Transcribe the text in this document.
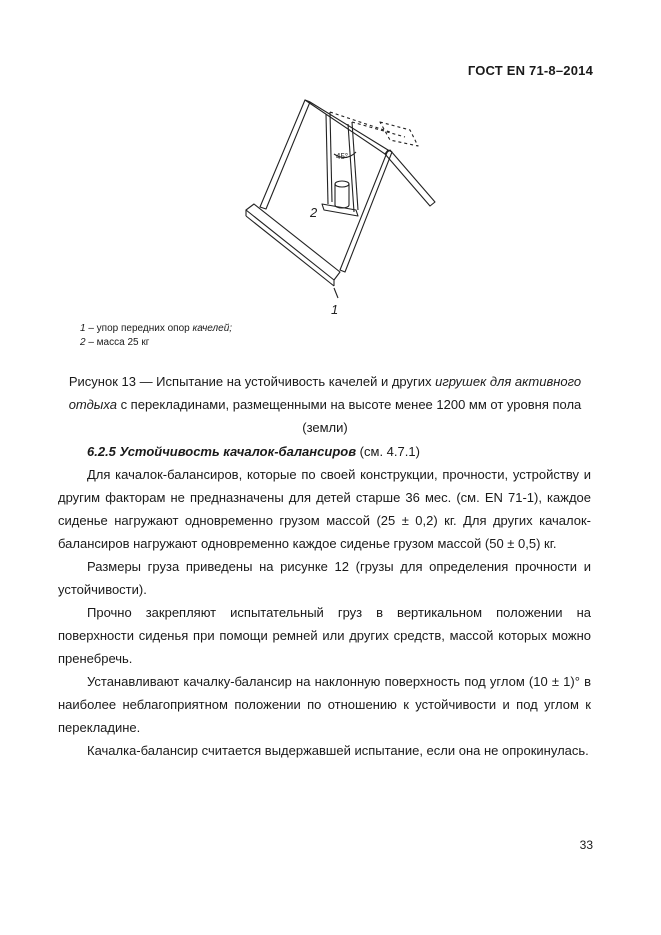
ГОСТ EN 71-8–2014
45°
2
1
1 – упор передних опор качелей;
2 – масса 25 кг
Рисунок 13 — Испытание на устойчивость качелей и других игрушек для активного отдыха с перекладинами, размещенными на высоте менее 1200 мм от уровня пола (земли)
6.2.5 Устойчивость качалок-балансиров (см. 4.7.1)

Для качалок-балансиров, которые по своей конструкции, прочности, устройству и другим факторам не предназначены для детей старше 36 мес. (см. EN 71-1), каждое сиденье нагружают одновременно грузом массой (25 ± 0,2) кг. Для других качалок-балансиров нагружают одновременно каждое сиденье грузом массой (50 ± 0,5) кг.

Размеры груза приведены на рисунке 12 (грузы для определения прочности и устойчивости).

Прочно закрепляют испытательный груз в вертикальном положении на поверхности сиденья при помощи ремней или других средств, массой которых можно пренебречь.

Устанавливают качалку-балансир на наклонную поверхность под углом (10 ± 1)° в наиболее неблагоприятном положении по отношению к устойчивости и под углом к перекладине.

Качалка-балансир считается выдержавшей испытание, если она не опрокинулась.

33
